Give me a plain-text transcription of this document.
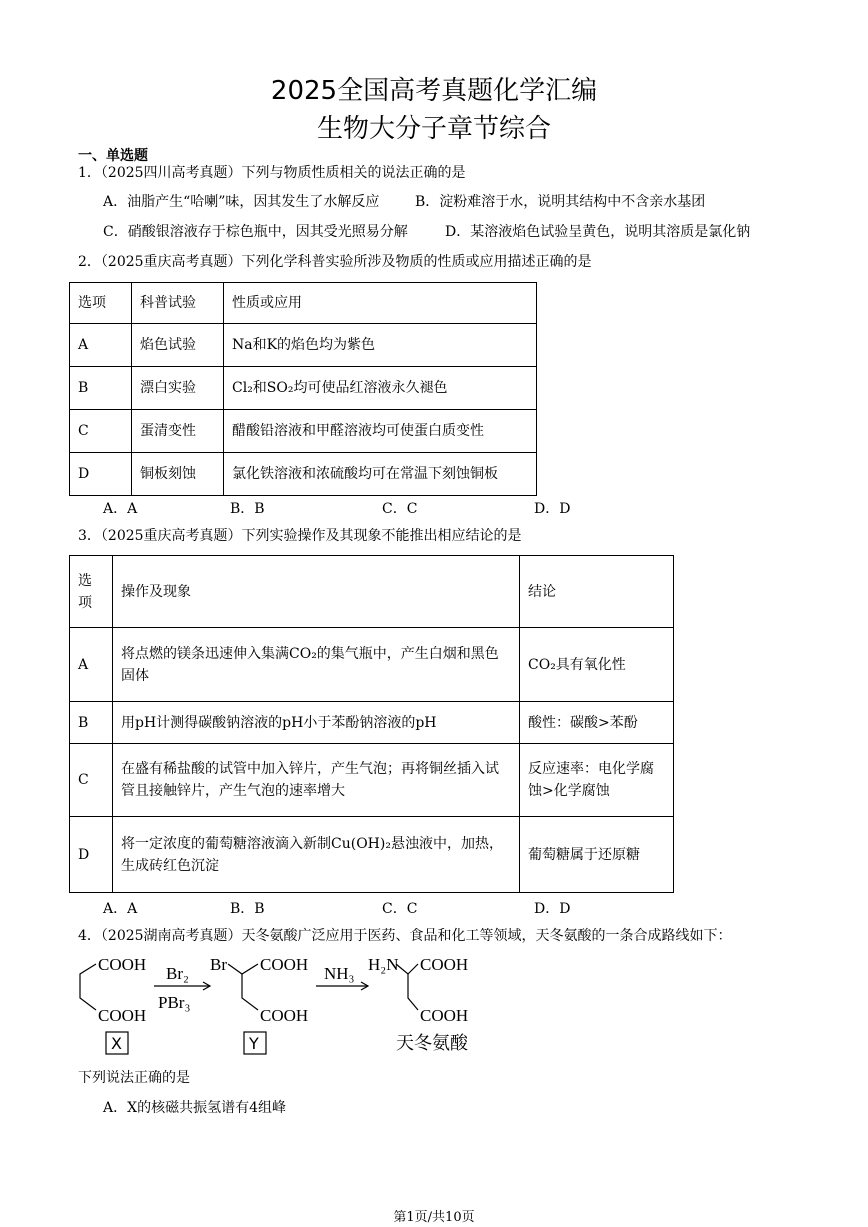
2025全国高考真题化学汇编
生物大分子章节综合
一、单选题
1．（2025四川高考真题）下列与物质性质相关的说法正确的是
A．油脂产生“哈喇”味，因其发生了水解反应	B．淀粉难溶于水，说明其结构中不含亲水基团
C．硝酸银溶液存于棕色瓶中，因其受光照易分解	D．某溶液焰色试验呈黄色，说明其溶质是氯化钠
2．（2025重庆高考真题）下列化学科普实验所涉及物质的性质或应用描述正确的是
选项	科普试验	性质或应用
A	焰色试验	Na和K的焰色均为紫色
B	漂白实验	Cl₂和SO₂均可使品红溶液永久褪色
C	蛋清变性	醋酸铅溶液和甲醛溶液均可使蛋白质变性
D	铜板刻蚀	氯化铁溶液和浓硫酸均可在常温下刻蚀铜板
A．A	B．B	C．C	D．D
3．（2025重庆高考真题）下列实验操作及其现象不能推出相应结论的是
选项	操作及现象	结论
A	将点燃的镁条迅速伸入集满CO₂的集气瓶中，产生白烟和黑色固体	CO₂具有氧化性
B	用pH计测得碳酸钠溶液的pH小于苯酚钠溶液的pH	酸性：碳酸>苯酚
C	在盛有稀盐酸的试管中加入锌片，产生气泡；再将铜丝插入试管且接触锌片，产生气泡的速率增大	反应速率：电化学腐蚀>化学腐蚀
D	将一定浓度的葡萄糖溶液滴入新制Cu(OH)₂悬浊液中，加热，生成砖红色沉淀	葡萄糖属于还原糖
A．A	B．B	C．C	D．D
4．（2025湖南高考真题）天冬氨酸广泛应用于医药、食品和化工等领域，天冬氨酸的一条合成路线如下：
COOH
COOH
Br₂
PBr₃
Br COOH
COOH
NH₃ H₂N COOH
COOH
X	Y	天冬氨酸
下列说法正确的是
A．X的核磁共振氢谱有4组峰
第1页/共10页
